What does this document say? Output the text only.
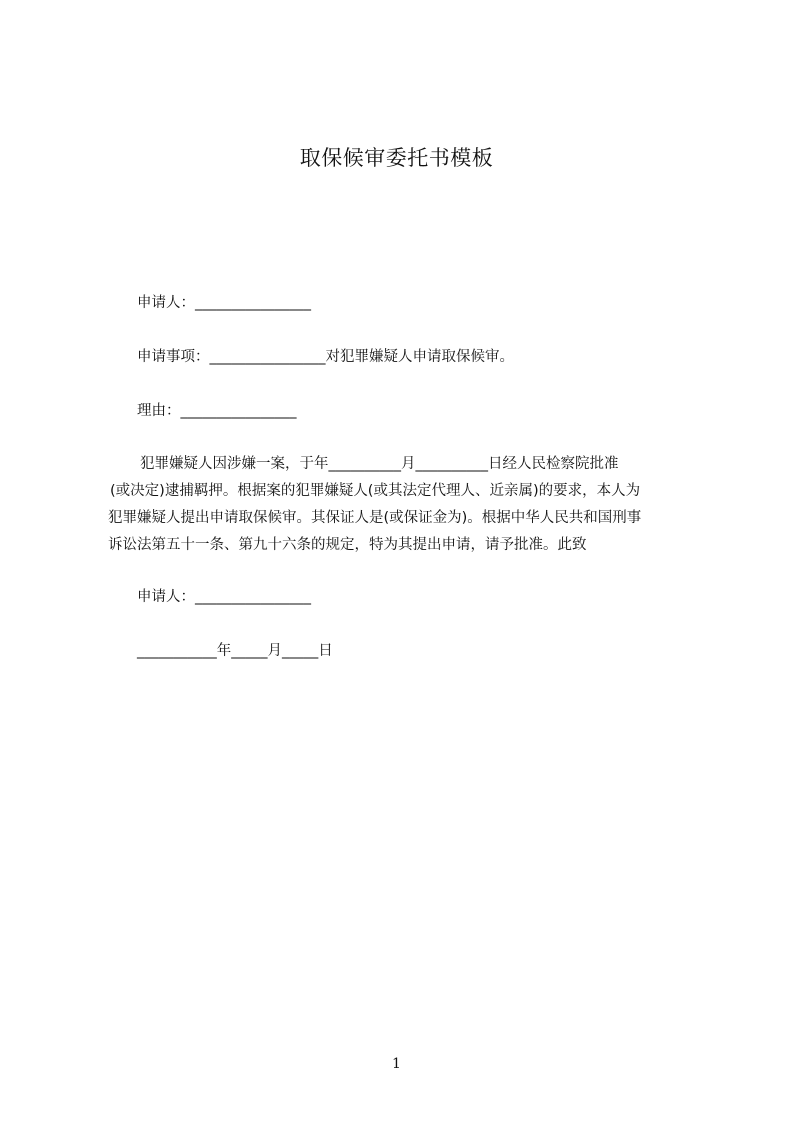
取保候审委托书模板

申请人：________________

申请事项：________________对犯罪嫌疑人申请取保候审。

理由：________________

犯罪嫌疑人因涉嫌一案，于年__________月__________日经人民检察院批准

(或决定)逮捕羁押。根据案的犯罪嫌疑人(或其法定代理人、近亲属)的要求，本人为

犯罪嫌疑人提出申请取保候审。其保证人是(或保证金为)。根据中华人民共和国刑事

诉讼法第五十一条、第九十六条的规定，特为其提出申请，请予批准。此致

申请人：________________

___________年_____月_____日

1
